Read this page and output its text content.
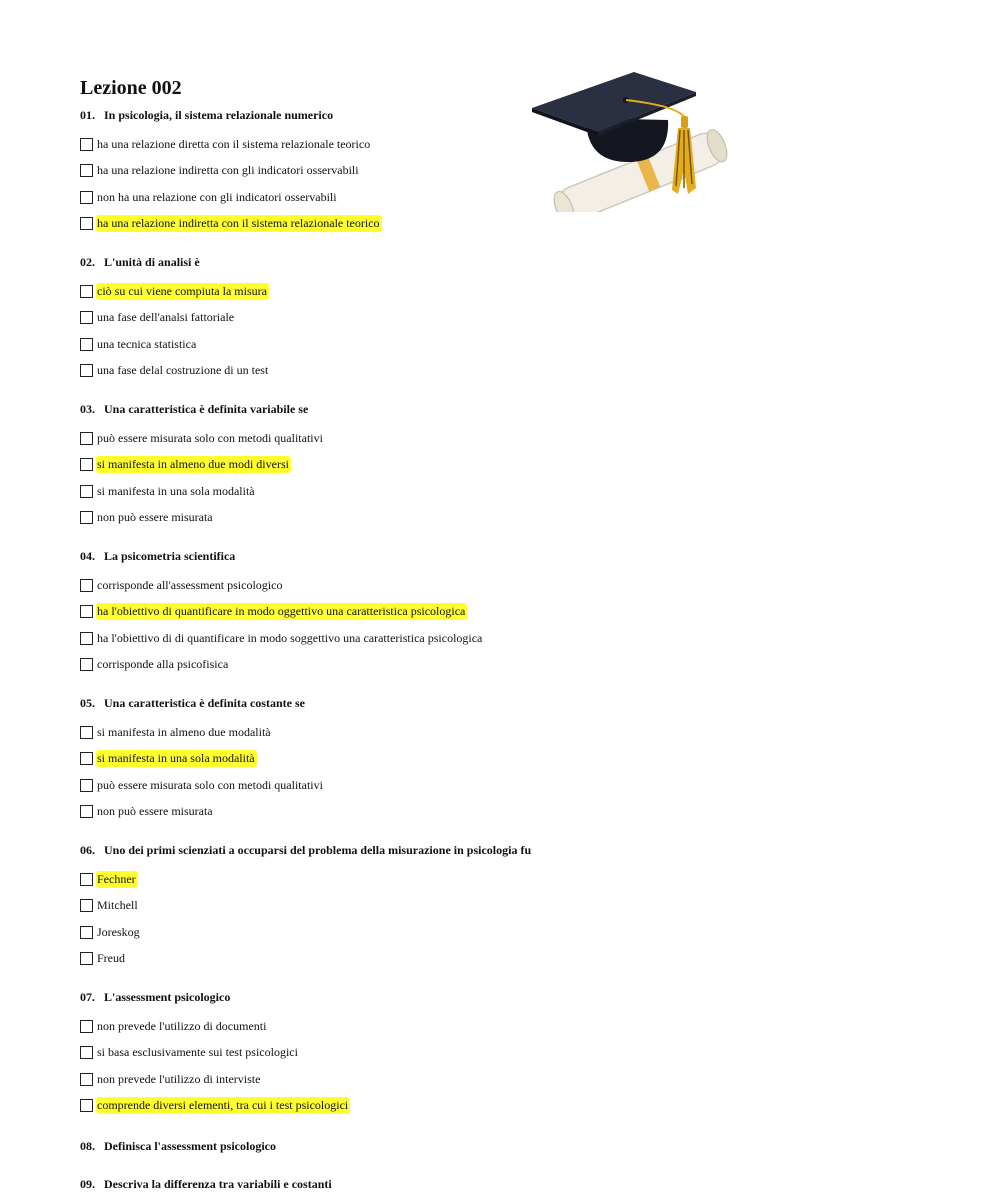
Lezione 002
01. In psicologia, il sistema relazionale numerico
ha una relazione diretta con il sistema relazionale teorico
ha una relazione indiretta con gli indicatori osservabili
non ha una relazione con gli indicatori osservabili
ha una relazione indiretta con il sistema relazionale teorico
02. L'unità di analisi è
ciò su cui viene compiuta la misura
una fase dell'analsi fattoriale
una tecnica statistica
una fase delal costruzione di un test
03. Una caratteristica è definita variabile se
può essere misurata solo con metodi qualitativi
si manifesta in almeno due modi diversi
si manifesta in una sola modalità
non può essere misurata
04. La psicometria scientifica
corrisponde all'assessment psicologico
ha l'obiettivo di quantificare in modo oggettivo una caratteristica psicologica
ha l'obiettivo di di quantificare in modo soggettivo una caratteristica psicologica
corrisponde alla psicofisica
05. Una caratteristica è definita costante se
si manifesta in almeno due modalità
si manifesta in una sola modalità
può essere misurata solo con metodi qualitativi
non può essere misurata
06. Uno dei primi scienziati a occuparsi del problema della misurazione in psicologia fu
Fechner
Mitchell
Joreskog
Freud
07. L'assessment psicologico
non prevede l'utilizzo di documenti
si basa esclusivamente sui test psicologici
non prevede l'utilizzo di interviste
comprende diversi elementi, tra cui i test psicologici
08. Definisca l'assessment psicologico
09. Descriva la differenza tra variabili e costanti
